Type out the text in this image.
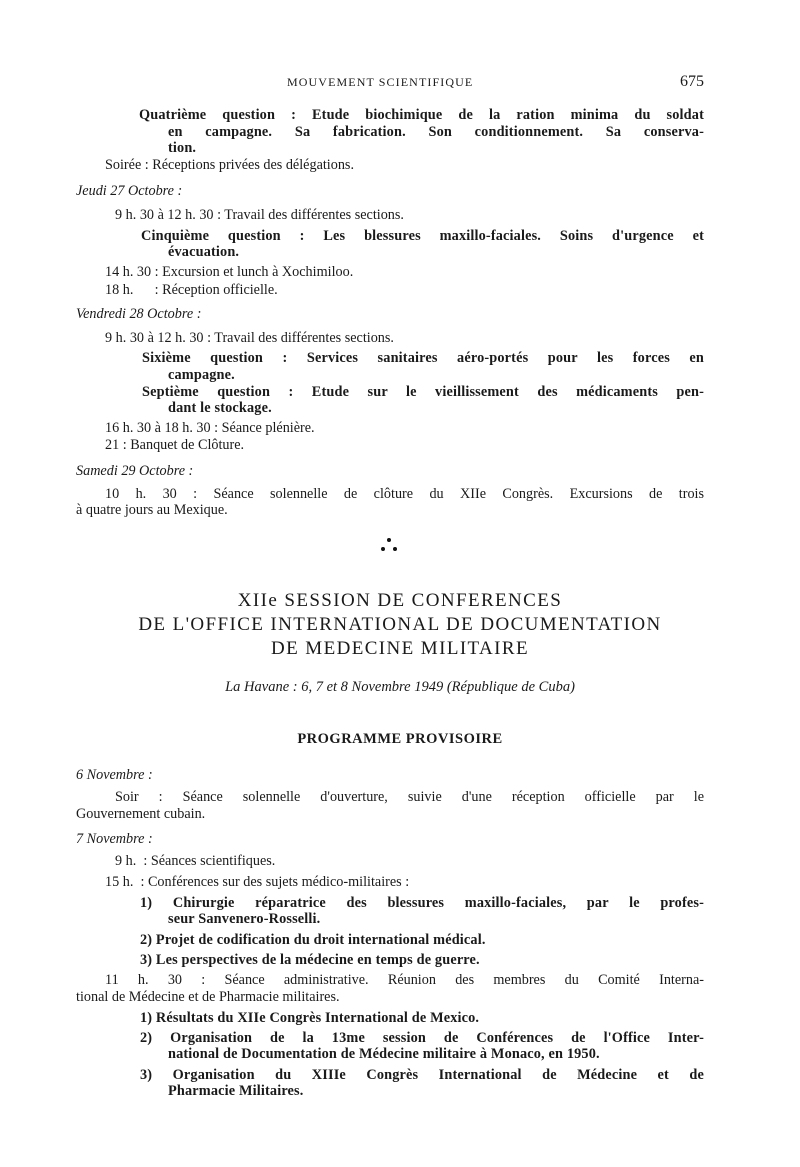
MOUVEMENT SCIENTIFIQUE	675
Quatrième question : Etude biochimique de la ration minima du soldat
en campagne. Sa fabrication. Son conditionnement. Sa conserva-
tion.
Soirée : Réceptions privées des délégations.
Jeudi 27 Octobre :
9 h. 30 à 12 h. 30 : Travail des différentes sections.
Cinquième question : Les blessures maxillo-faciales. Soins d'urgence et
évacuation.
14 h. 30 : Excursion et lunch à Xochimiloo.
18 h.      : Réception officielle.
Vendredi 28 Octobre :
9 h. 30 à 12 h. 30 : Travail des différentes sections.
Sixième question : Services sanitaires aéro-portés pour les forces en
campagne.
Septième question : Etude sur le vieillissement des médicaments pen-
dant le stockage.
16 h. 30 à 18 h. 30 : Séance plénière.
21 : Banquet de Clôture.
Samedi 29 Octobre :
10 h. 30 : Séance solennelle de clôture du XIIe Congrès. Excursions de trois
à quatre jours au Mexique.
XIIe SESSION DE CONFERENCES
DE L'OFFICE INTERNATIONAL DE DOCUMENTATION
DE MEDECINE MILITAIRE
La Havane : 6, 7 et 8 Novembre 1949 (République de Cuba)
PROGRAMME PROVISOIRE
6 Novembre :
Soir : Séance solennelle d'ouverture, suivie d'une réception officielle par le
Gouvernement cubain.
7 Novembre :
9 h.  : Séances scientifiques.
15 h.  : Conférences sur des sujets médico-militaires :
1) Chirurgie réparatrice des blessures maxillo-faciales, par le profes-
seur Sanvenero-Rosselli.
2) Projet de codification du droit international médical.
3) Les perspectives de la médecine en temps de guerre.
11 h. 30 : Séance administrative. Réunion des membres du Comité Interna-
tional de Médecine et de Pharmacie militaires.
1) Résultats du XIIe Congrès International de Mexico.
2) Organisation de la 13me session de Conférences de l'Office Inter-
national de Documentation de Médecine militaire à Monaco, en 1950.
3) Organisation du XIIIe Congrès International de Médecine et de
Pharmacie Militaires.
